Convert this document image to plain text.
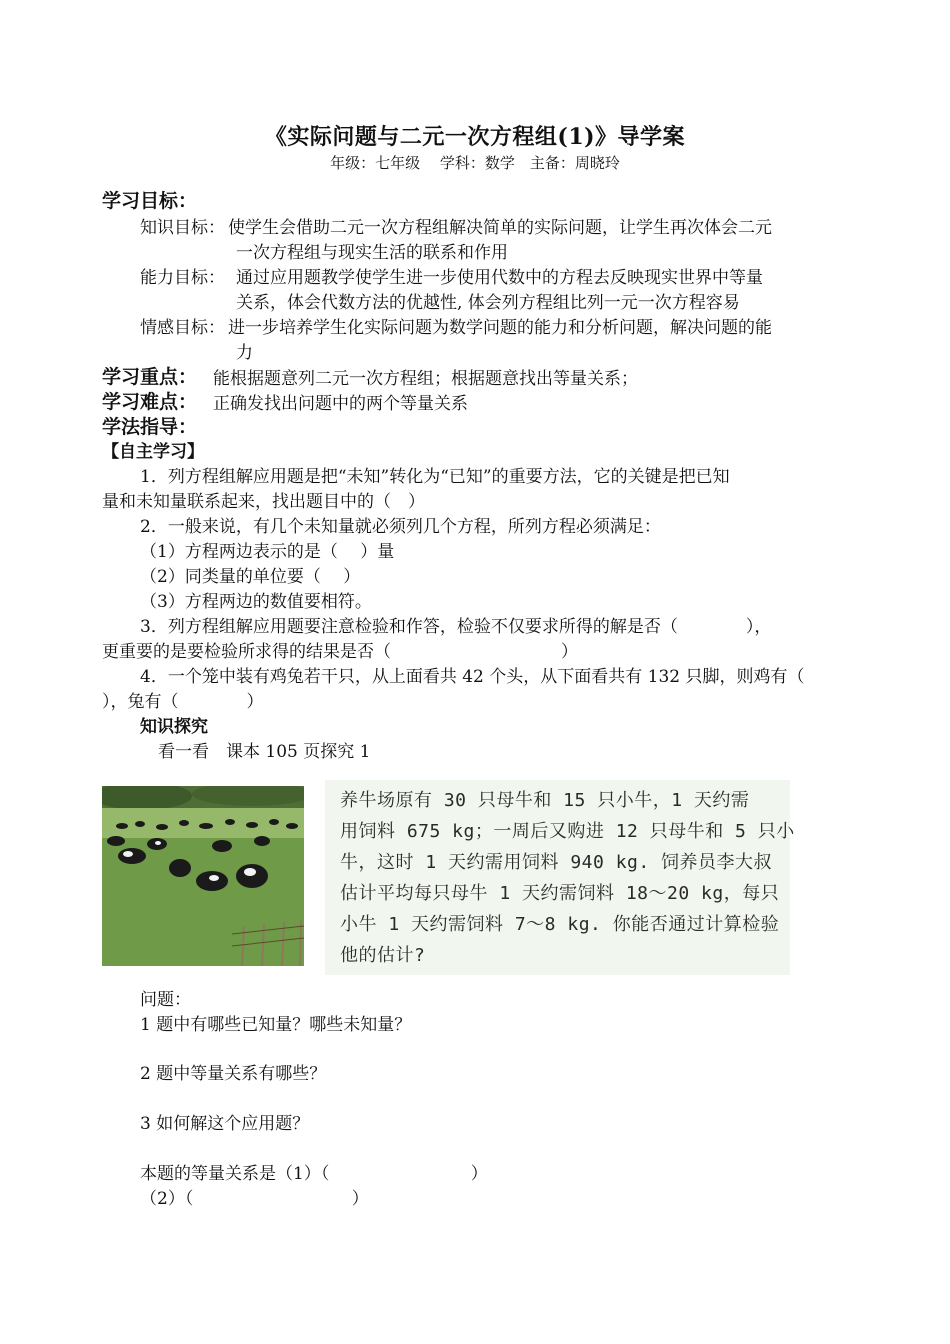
《实际问题与二元一次方程组(1)》导学案
年级：七年级　 学科：数学　主备：周晓玲
学习目标：
知识目标： 使学生会借助二元一次方程组解决简单的实际问题，让学生再次体会二元
一次方程组与现实生活的联系和作用
能力目标： 通过应用题教学使学生进一步使用代数中的方程去反映现实世界中等量
关系，体会代数方法的优越性, 体会列方程组比列一元一次方程容易
情感目标： 进一步培养学生化实际问题为数学问题的能力和分析问题，解决问题的能
力
学习重点： 能根据题意列二元一次方程组；根据题意找出等量关系；
学习难点： 正确发找出问题中的两个等量关系
学法指导：
【自主学习】
1．列方程组解应用题是把“未知”转化为“已知”的重要方法，它的关键是把已知
量和未知量联系起来，找出题目中的（　）
2．一般来说，有几个未知量就必须列几个方程，所列方程必须满足：
（1）方程两边表示的是（　 ）量
（2）同类量的单位要（　 ）
（3）方程两边的数值要相符。
3．列方程组解应用题要注意检验和作答，检验不仅要求所得的解是否（　　　　），
更重要的是要检验所求得的结果是否（　　　　　　　　　　）
4．一个笼中装有鸡兔若干只，从上面看共 42 个头，从下面看共有 132 只脚，则鸡有（
），兔有（　　　　）
知识探究
看一看　课本 105 页探究 1
养牛场原有 30 只母牛和 15 只小牛，1 天约需
用饲料 675 kg；一周后又购进 12 只母牛和 5 只小
牛，这时 1 天约需用饲料 940 kg. 饲养员李大叔
估计平均每只母牛 1 天约需饲料 18～20 kg，每只
小牛 1 天约需饲料 7～8 kg. 你能否通过计算检验
他的估计?
问题：
1 题中有哪些已知量？哪些未知量？
2 题中等量关系有哪些？
3 如何解这个应用题？
本题的等量关系是（1）（　　　　　　　　 ）
（2）（　　　　　　　　　 ）
